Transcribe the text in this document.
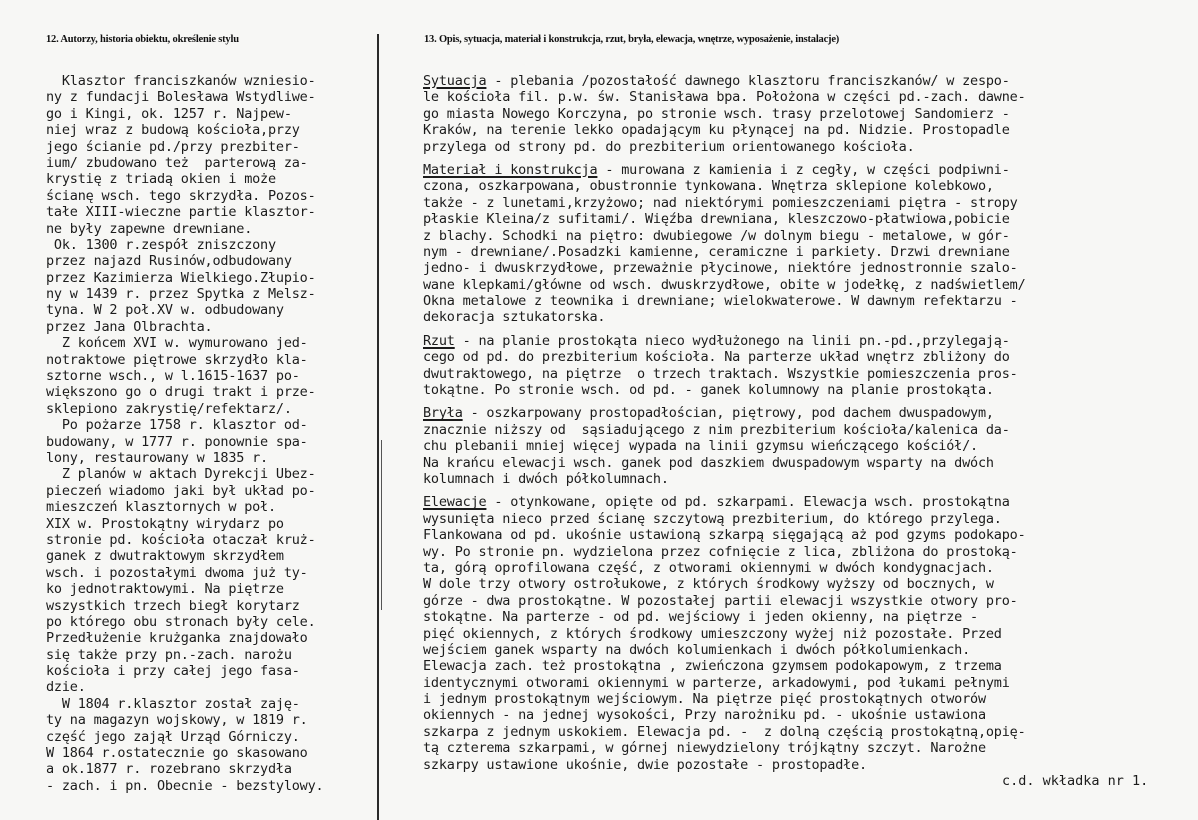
12. Autorzy, historia obiektu, określenie stylu	13. Opis, sytuacja, materiał i konstrukcja, rzut, bryła, elewacja, wnętrze, wyposażenie, instalacje)
Klasztor franciszkanów wzniesio-
ny z fundacji Bolesława Wstydliwe-
go i Kingi, ok. 1257 r. Najpew-
niej wraz z budową kościoła,przy
jego ścianie pd./przy prezbiter-
ium/ zbudowano też  parterową za-
krystię z triadą okien i może
ścianę wsch. tego skrzydła. Pozos-
tałe XIII-wieczne partie klasztor-
ne były zapewne drewniane.
Ok. 1300 r.zespół zniszczony
przez najazd Rusinów,odbudowany
przez Kazimierza Wielkiego.Złupio-
ny w 1439 r. przez Spytka z Melsz-
tyna. W 2 poł.XV w. odbudowany
przez Jana Olbrachta.
Z końcem XVI w. wymurowano jed-
notraktowe piętrowe skrzydło kla-
sztorne wsch., w l.1615-1637 po-
większono go o drugi trakt i prze-
sklepiono zakrystię/refektarz/.
Po pożarze 1758 r. klasztor od-
budowany, w 1777 r. ponownie spa-
lony, restaurowany w 1835 r.
Z planów w aktach Dyrekcji Ubez-
pieczeń wiadomo jaki był układ po-
mieszczeń klasztornych w poł.
XIX w. Prostokątny wirydarz po
stronie pd. kościoła otaczał kruż-
ganek z dwutraktowym skrzydłem
wsch. i pozostałymi dwoma już ty-
ko jednotraktowymi. Na piętrze
wszystkich trzech biegł korytarz
po którego obu stronach były cele.
Przedłużenie krużganka znajdowało
się także przy pn.-zach. narożu
kościoła i przy całej jego fasa-
dzie.
W 1804 r.klasztor został zaję-
ty na magazyn wojskowy, w 1819 r.
część jego zajął Urząd Górniczy.
W 1864 r.ostatecznie go skasowano
a ok.1877 r. rozebrano skrzydła
- zach. i pn. Obecnie - bezstylowy.
Sytuacja - plebania /pozostałość dawnego klasztoru franciszkanów/ w zespo-
le kościoła fil. p.w. św. Stanisława bpa. Położona w części pd.-zach. dawne-
go miasta Nowego Korczyna, po stronie wsch. trasy przelotowej Sandomierz -
Kraków, na terenie lekko opadającym ku płynącej na pd. Nidzie. Prostopadle
przylega od strony pd. do prezbiterium orientowanego kościoła.
Materiał i konstrukcja - murowana z kamienia i z cegły, w części podpiwni-
czona, oszkarpowana, obustronnie tynkowana. Wnętrza sklepione kolebkowo,
także - z lunetami,krzyżowo; nad niektórymi pomieszczeniami piętra - stropy
płaskie Kleina/z sufitami/. Więźba drewniana, kleszczowo-płatwiowa,pobicie
z blachy. Schodki na piętro: dwubiegowe /w dolnym biegu - metalowe, w gór-
nym - drewniane/.Posadzki kamienne, ceramiczne i parkiety. Drzwi drewniane
jedno- i dwuskrzydłowe, przeważnie płycinowe, niektóre jednostronnie szalo-
wane klepkami/główne od wsch. dwuskrzydłowe, obite w jodełkę, z nadświetlem/
Okna metalowe z teownika i drewniane; wielokwaterowe. W dawnym refektarzu -
dekoracja sztukatorska.
Rzut - na planie prostokąta nieco wydłużonego na linii pn.-pd.,przylegają-
cego od pd. do prezbiterium kościoła. Na parterze układ wnętrz zbliżony do
dwutraktowego, na piętrze  o trzech traktach. Wszystkie pomieszczenia pros-
tokątne. Po stronie wsch. od pd. - ganek kolumnowy na planie prostokąta.
Bryła - oszkarpowany prostopadłościan, piętrowy, pod dachem dwuspadowym,
znacznie niższy od  sąsiadującego z nim prezbiterium kościoła/kalenica da-
chu plebanii mniej więcej wypada na linii gzymsu wieńczącego kościół/.
Na krańcu elewacji wsch. ganek pod daszkiem dwuspadowym wsparty na dwóch
kolumnach i dwóch półkolumnach.
Elewacje - otynkowane, opięte od pd. szkarpami. Elewacja wsch. prostokątna
wysunięta nieco przed ścianę szczytową prezbiterium, do którego przylega.
Flankowana od pd. ukośnie ustawioną szkarpą sięgającą aż pod gzyms podokapo-
wy. Po stronie pn. wydzielona przez cofnięcie z lica, zbliżona do prostoką-
ta, górą oprofilowana część, z otworami okiennymi w dwóch kondygnacjach.
W dole trzy otwory ostrołukowe, z których środkowy wyższy od bocznych, w
górze - dwa prostokątne. W pozostałej partii elewacji wszystkie otwory pro-
stokątne. Na parterze - od pd. wejściowy i jeden okienny, na piętrze -
pięć okiennych, z których środkowy umieszczony wyżej niż pozostałe. Przed
wejściem ganek wsparty na dwóch kolumienkach i dwóch półkolumienkach.
Elewacja zach. też prostokątna , zwieńczona gzymsem podokapowym, z trzema
identycznymi otworami okiennymi w parterze, arkadowymi, pod łukami pełnymi
i jednym prostokątnym wejściowym. Na piętrze pięć prostokątnych otworów
okiennych - na jednej wysokości, Przy narożniku pd. - ukośnie ustawiona
szkarpa z jednym uskokiem. Elewacja pd. -  z dolną częścią prostokątną,opię-
tą czterema szkarpami, w górnej niewydzielony trójkątny szczyt. Narożne
szkarpy ustawione ukośnie, dwie pozostałe - prostopadłe.
c.d. wkładka nr 1.
